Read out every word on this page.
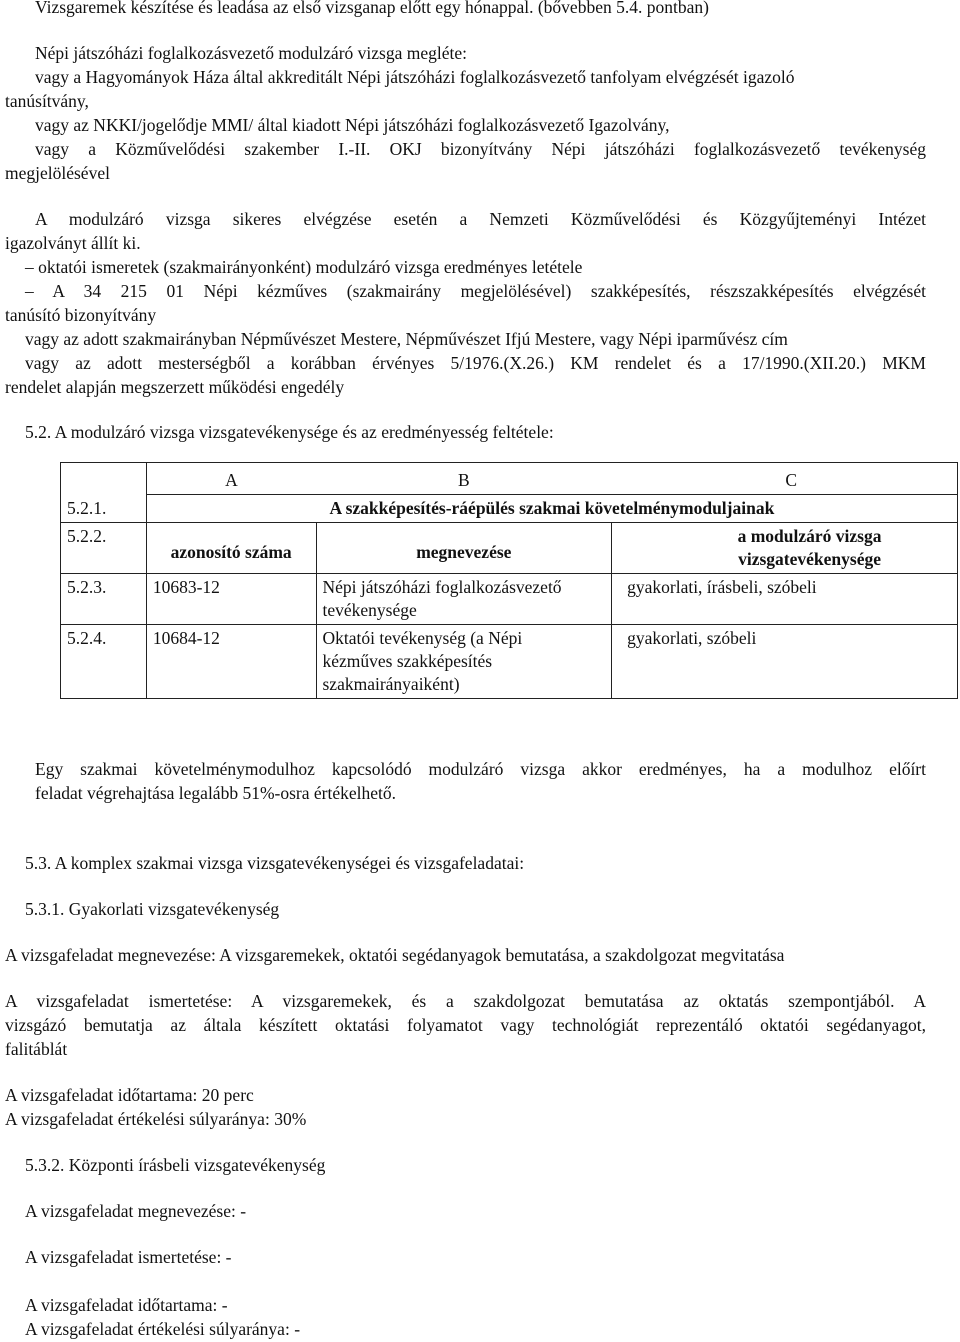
Vizsgaremek készítése és leadása az első vizsganap előtt egy hónappal. (bővebben 5.4. pontban)
Népi játszóházi foglalkozásvezető modulzáró vizsga megléte:
vagy a Hagyományok Háza által akkreditált Népi játszóházi foglalkozásvezető tanfolyam elvégzését igazoló
tanúsítvány,
vagy az NKKI/jogelődje MMI/ által kiadott Népi játszóházi foglalkozásvezető Igazolvány,
vagy a Közművelődési szakember I.-II. OKJ bizonyítvány Népi játszóházi foglalkozásvezető tevékenység
megjelölésével
A modulzáró vizsga sikeres elvégzése esetén a Nemzeti Közművelődési és Közgyűjteményi Intézet
igazolványt állít ki.
– oktatói ismeretek (szakmairányonként) modulzáró vizsga eredményes letétele
– A 34 215 01 Népi kézműves (szakmairány megjelölésével) szakképesítés, részszakképesítés elvégzését
tanúsító bizonyítvány
vagy az adott szakmairányban Népművészet Mestere, Népművészet Ifjú Mestere, vagy Népi iparművész cím
vagy az adott mesterségből a korábban érvényes 5/1976.(X.26.) KM rendelet és a 17/1990.(XII.20.) MKM
rendelet alapján megszerzett működési engedély
5.2. A modulzáró vizsga vizsgatevékenysége és az eredményesség feltétele:
	A	B	C
5.2.1.	A szakképesítés-ráépülés szakmai követelménymoduljainak		
5.2.2.	azonosító száma	megnevezése	a modulzáró vizsga vizsgatevékenysége
5.2.3.	10683-12	Népi játszóházi foglalkozásvezető tevékenysége	gyakorlati, írásbeli, szóbeli
5.2.4.	10684-12	Oktatói tevékenység (a Népi kézműves szakképesítés szakmairányaiként)	gyakorlati, szóbeli
Egy szakmai követelménymodulhoz kapcsolódó modulzáró vizsga akkor eredményes, ha a modulhoz előírt
feladat végrehajtása legalább 51%-osra értékelhető.
5.3. A komplex szakmai vizsga vizsgatevékenységei és vizsgafeladatai:
5.3.1. Gyakorlati vizsgatevékenység
A vizsgafeladat megnevezése: A vizsgaremekek, oktatói segédanyagok bemutatása, a szakdolgozat megvitatása
A vizsgafeladat ismertetése: A vizsgaremekek, és a szakdolgozat bemutatása az oktatás szempontjából. A
vizsgázó bemutatja az általa készített oktatási folyamatot vagy technológiát reprezentáló oktatói segédanyagot,
falitáblát
A vizsgafeladat időtartama: 20 perc
A vizsgafeladat értékelési súlyaránya: 30%
5.3.2. Központi írásbeli vizsgatevékenység
A vizsgafeladat megnevezése: -
A vizsgafeladat ismertetése: -
A vizsgafeladat időtartama: -
A vizsgafeladat értékelési súlyaránya: -
